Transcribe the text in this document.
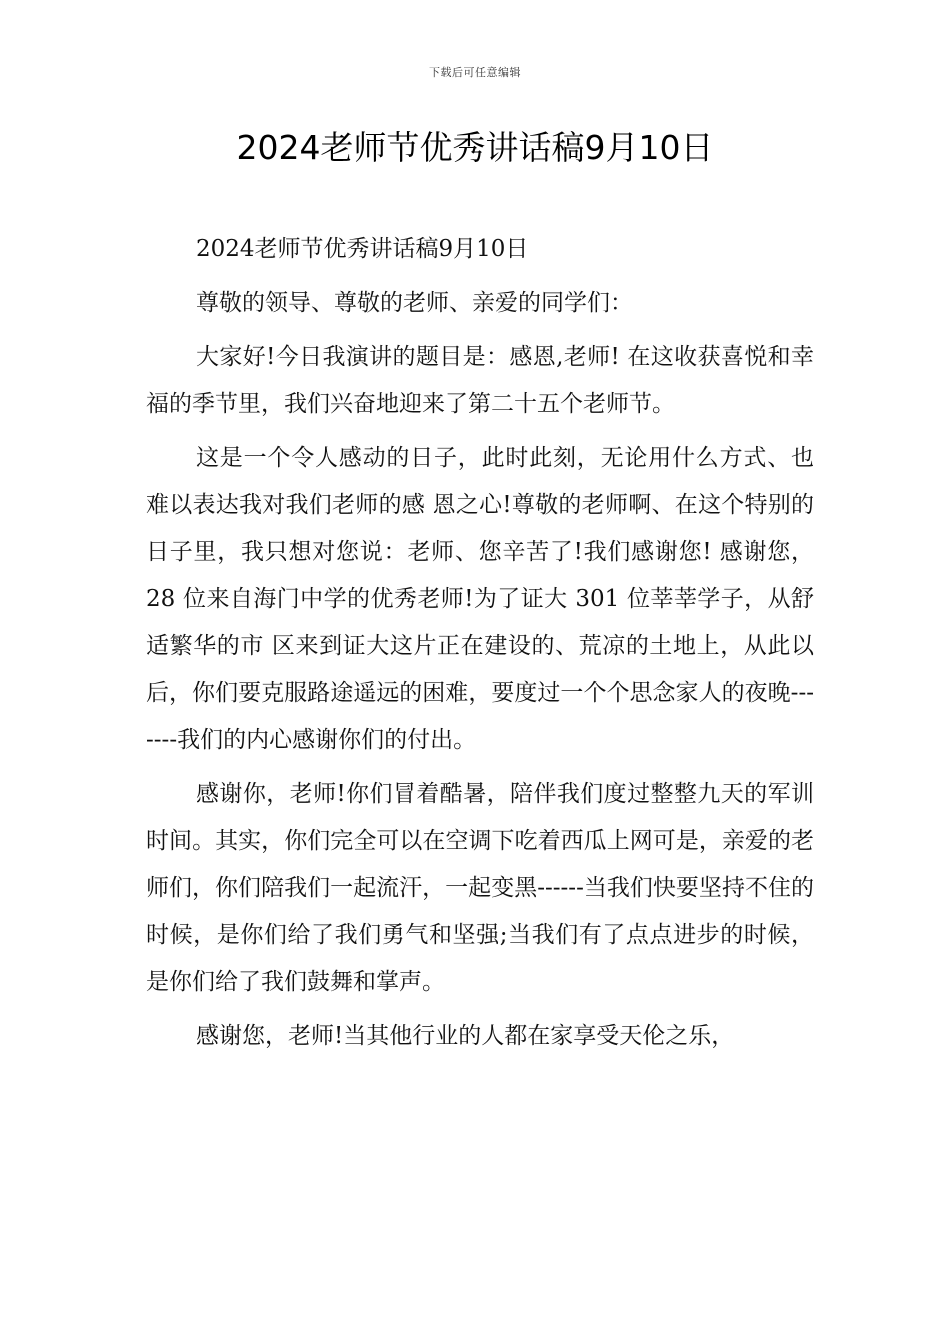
下载后可任意编辑
2024老师节优秀讲话稿9月10日

2024老师节优秀讲话稿9月10日

尊敬的领导、尊敬的老师、亲爱的同学们：

大家好!今日我演讲的题目是：感恩,老师! 在这收获喜悦和幸福的季节里，我们兴奋地迎来了第二十五个老师节。

这是一个令人感动的日子，此时此刻，无论用什么方式、也难以表达我对我们老师的感 恩之心!尊敬的老师啊、在这个特别的日子里，我只想对您说：老师、您辛苦了!我们感谢您! 感谢您，28 位来自海门中学的优秀老师!为了证大 301 位莘莘学子，从舒适繁华的市 区来到证大这片正在建设的、荒凉的土地上，从此以后，你们要克服路途遥远的困难，要度过一个个思念家人的夜晚-------我们的内心感谢你们的付出。

感谢你，老师!你们冒着酷暑，陪伴我们度过整整九天的军训时间。其实，你们完全可以在空调下吃着西瓜上网可是，亲爱的老师们，你们陪我们一起流汗，一起变黑------当我们快要坚持不住的时候，是你们给了我们勇气和坚强;当我们有了点点进步的时候，是你们给了我们鼓舞和掌声。

感谢您，老师!当其他行业的人都在家享受天伦之乐，
